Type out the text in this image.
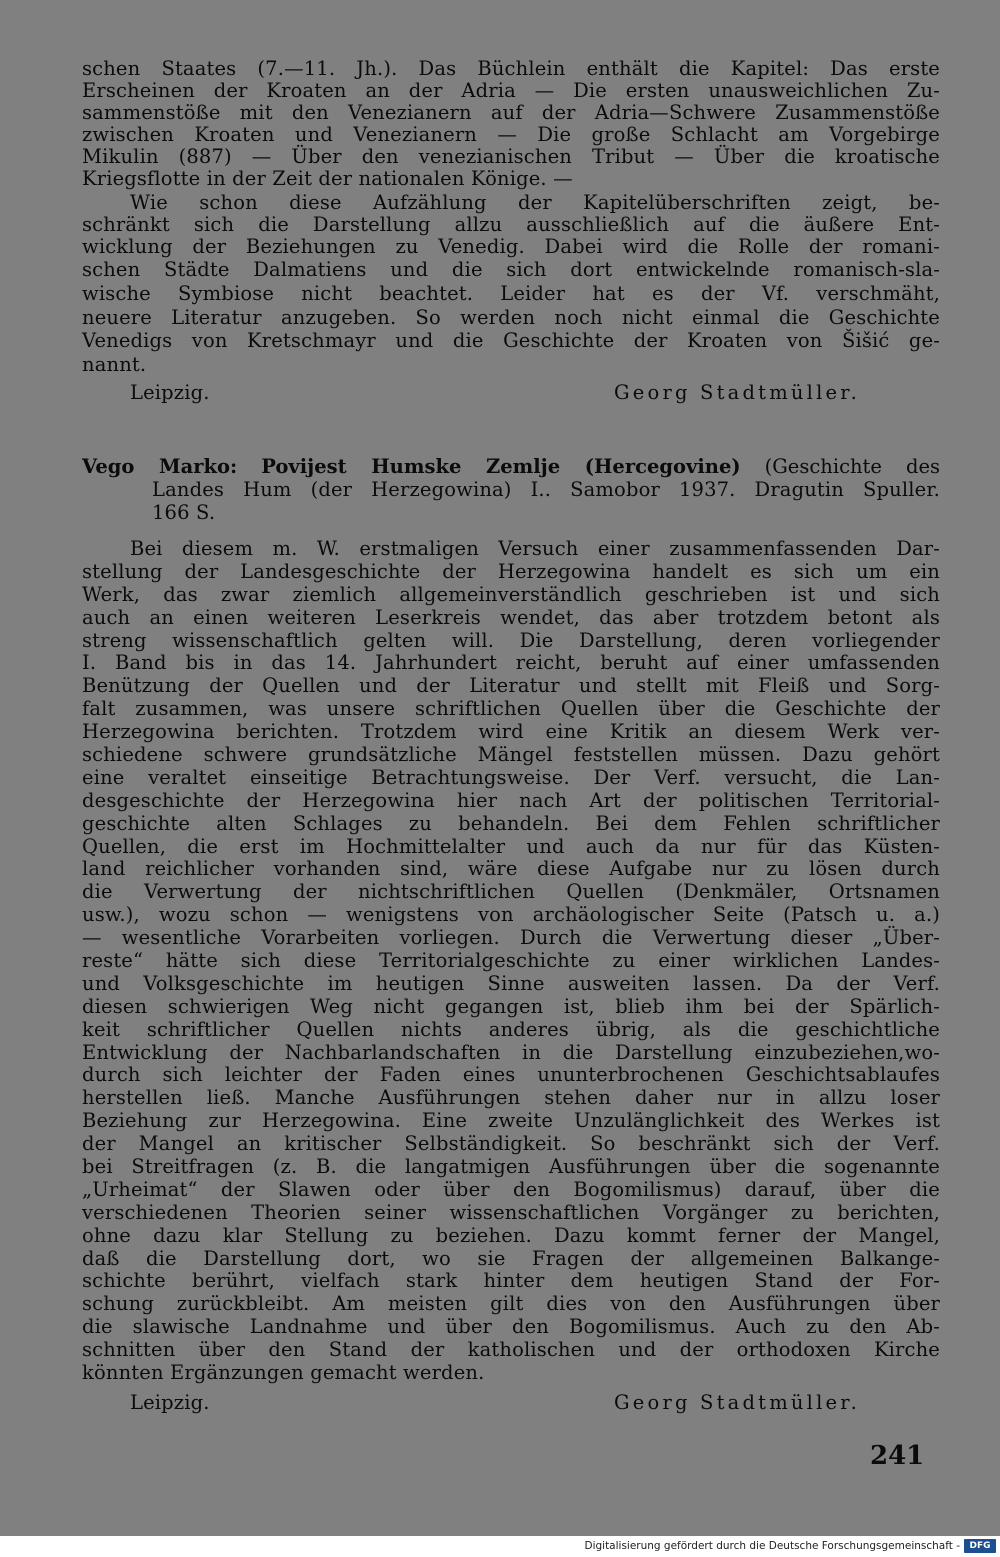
schen Staates (7.—11. Jh.). Das Büchlein enthält die Kapitel: Das erste
Erscheinen der Kroaten an der Adria — Die ersten unausweichlichen Zu-
sammenstöße mit den Venezianern auf der Adria—Schwere Zusammenstöße
zwischen Kroaten und Venezianern — Die große Schlacht am Vorgebirge
Mikulin (887) — Über den venezianischen Tribut — Über die kroatische
Kriegsflotte in der Zeit der nationalen Könige. —
Wie schon diese Aufzählung der Kapitelüberschriften zeigt, be-
schränkt sich die Darstellung allzu ausschließlich auf die äußere Ent-
wicklung der Beziehungen zu Venedig. Dabei wird die Rolle der romani-
schen Städte Dalmatiens und die sich dort entwickelnde romanisch-sla-
wische Symbiose nicht beachtet. Leider hat es der Vf. verschmäht,
neuere Literatur anzugeben. So werden noch nicht einmal die Geschichte
Venedigs von Kretschmayr und die Geschichte der Kroaten von Šišić ge-
nannt.
Leipzig.	Georg Stadtmüller.
Vego Marko: Povijest Humske Zemlje (Hercegovine) (Geschichte des
Landes Hum (der Herzegowina) I.. Samobor 1937. Dragutin Spuller.
166 S.
Bei diesem m. W. erstmaligen Versuch einer zusammenfassenden Dar-
stellung der Landesgeschichte der Herzegowina handelt es sich um ein
Werk, das zwar ziemlich allgemeinverständlich geschrieben ist und sich
auch an einen weiteren Leserkreis wendet, das aber trotzdem betont als
streng wissenschaftlich gelten will. Die Darstellung, deren vorliegender
I. Band bis in das 14. Jahrhundert reicht, beruht auf einer umfassenden
Benützung der Quellen und der Literatur und stellt mit Fleiß und Sorg-
falt zusammen, was unsere schriftlichen Quellen über die Geschichte der
Herzegowina berichten. Trotzdem wird eine Kritik an diesem Werk ver-
schiedene schwere grundsätzliche Mängel feststellen müssen. Dazu gehört
eine veraltet einseitige Betrachtungsweise. Der Verf. versucht, die Lan-
desgeschichte der Herzegowina hier nach Art der politischen Territorial-
geschichte alten Schlages zu behandeln. Bei dem Fehlen schriftlicher
Quellen, die erst im Hochmittelalter und auch da nur für das Küsten-
land reichlicher vorhanden sind, wäre diese Aufgabe nur zu lösen durch
die Verwertung der nichtschriftlichen Quellen (Denkmäler, Ortsnamen
usw.), wozu schon — wenigstens von archäologischer Seite (Patsch u. a.)
— wesentliche Vorarbeiten vorliegen. Durch die Verwertung dieser „Über-
reste“ hätte sich diese Territorialgeschichte zu einer wirklichen Landes-
und Volksgeschichte im heutigen Sinne ausweiten lassen. Da der Verf.
diesen schwierigen Weg nicht gegangen ist, blieb ihm bei der Spärlich-
keit schriftlicher Quellen nichts anderes übrig, als die geschichtliche
Entwicklung der Nachbarlandschaften in die Darstellung einzubeziehen,wo-
durch sich leichter der Faden eines ununterbrochenen Geschichtsablaufes
herstellen ließ. Manche Ausführungen stehen daher nur in allzu loser
Beziehung zur Herzegowina. Eine zweite Unzulänglichkeit des Werkes ist
der Mangel an kritischer Selbständigkeit. So beschränkt sich der Verf.
bei Streitfragen (z. B. die langatmigen Ausführungen über die sogenannte
„Urheimat“ der Slawen oder über den Bogomilismus) darauf, über die
verschiedenen Theorien seiner wissenschaftlichen Vorgänger zu berichten,
ohne dazu klar Stellung zu beziehen. Dazu kommt ferner der Mangel,
daß die Darstellung dort, wo sie Fragen der allgemeinen Balkange-
schichte berührt, vielfach stark hinter dem heutigen Stand der For-
schung zurückbleibt. Am meisten gilt dies von den Ausführungen über
die slawische Landnahme und über den Bogomilismus. Auch zu den Ab-
schnitten über den Stand der katholischen und der orthodoxen Kirche
könnten Ergänzungen gemacht werden.
Leipzig.	Georg Stadtmüller.
241
Digitalisierung gefördert durch die Deutsche Forschungsgemeinschaft -	DFG
